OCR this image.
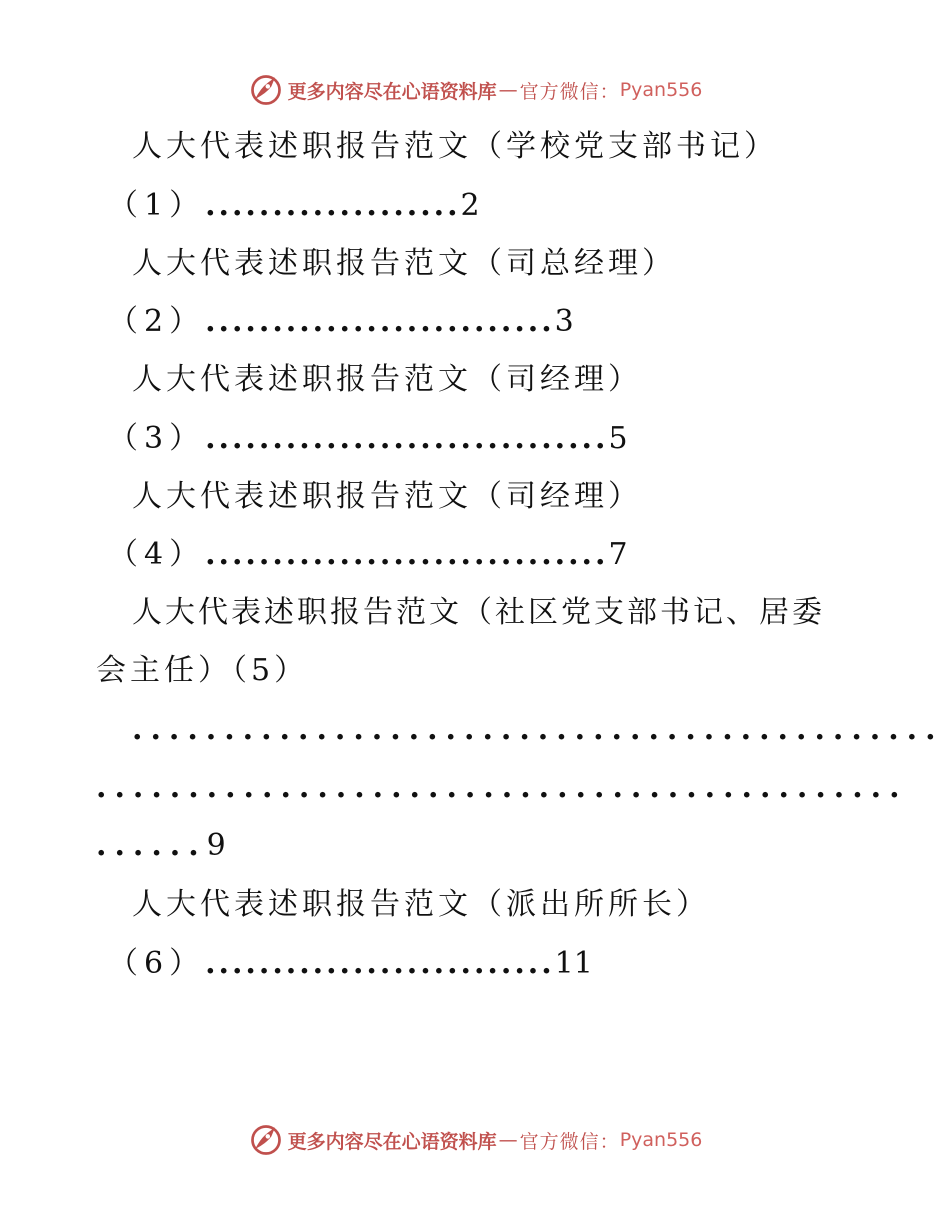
更多内容尽在心语资料库 — 官方微信： Pyan556
人大代表述职报告范文（学校党支部书记）
（1）...................2
人大代表述职报告范文（司总经理）
（2）..........................3
人大代表述职报告范文（司经理）
（3）..............................5
人大代表述职报告范文（司经理）
（4）..............................7
人大代表述职报告范文（社区党支部书记、居委
会主任）（5）
............................................
............................................
......9
人大代表述职报告范文（派出所所长）
（6）..........................11
更多内容尽在心语资料库 — 官方微信： Pyan556
